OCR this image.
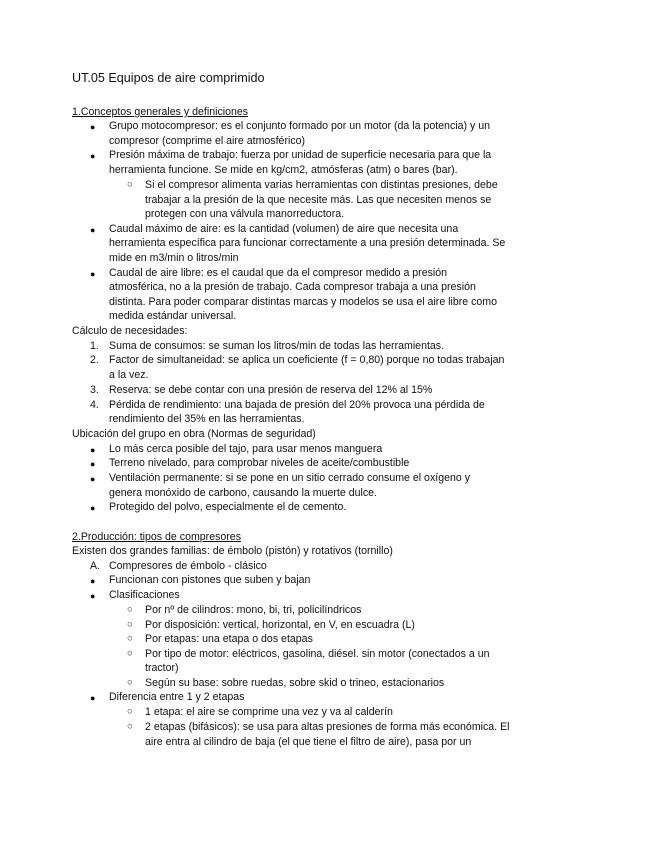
UT.05 Equipos de aire comprimido
1.Conceptos generales y definiciones
● Grupo motocompresor: es el conjunto formado por un motor (da la potencia) y un
compresor (comprime el aire atmosférico)
● Presión máxima de trabajo: fuerza por unidad de superficie necesaria para que la
herramienta funcione. Se mide en kg/cm2, atmósferas (atm) o bares (bar).
○ Si el compresor alimenta varias herramientas con distintas presiones, debe
trabajar a la presión de la que necesite más. Las que necesiten menos se
protegen con una válvula manorreductora.
● Caudal máximo de aire: es la cantidad (volumen) de aire que necesita una
herramienta específica para funcionar correctamente a una presión determinada. Se
mide en m3/min o litros/min
● Caudal de aire libre: es el caudal que da el compresor medido a presión
atmosférica, no a la presión de trabajo. Cada compresor trabaja a una presión
distinta. Para poder comparar distintas marcas y modelos se usa el aire libre como
medida estándar universal.
Cálculo de necesidades:
1. Suma de consumos: se suman los litros/min de todas las herramientas.
2. Factor de simultaneidad: se aplica un coeficiente (f = 0,80) porque no todas trabajan
a la vez.
3. Reserva: se debe contar con una presión de reserva del 12% al 15%
4. Pérdida de rendimiento: una bajada de presión del 20% provoca una pérdida de
rendimiento del 35% en las herramientas.
Ubicación del grupo en obra (Normas de seguridad)
● Lo más cerca posible del tajo, para usar menos manguera
● Terreno nivelado, para comprobar niveles de aceite/combustible
● Ventilación permanente: si se pone en un sitio cerrado consume el oxígeno y
genera monóxido de carbono, causando la muerte dulce.
● Protegido del polvo, especialmente el de cemento.
2.Producción: tipos de compresores
Existen dos grandes familias: de émbolo (pistón) y rotativos (tornillo)
A. Compresores de émbolo - clásico
● Funcionan con pistones que suben y bajan
● Clasificaciones
○ Por nº de cilindros: mono, bi, tri, policilíndricos
○ Por disposición: vertical, horizontal, en V, en escuadra (L)
○ Por etapas: una etapa o dos etapas
○ Por tipo de motor: eléctricos, gasolina, diésel. sin motor (conectados a un
tractor)
○ Según su base: sobre ruedas, sobre skid o trineo, estacionarios
● Diferencia entre 1 y 2 etapas
○ 1 etapa: el aire se comprime una vez y va al calderín
○ 2 etapas (bifásicos): se usa para altas presiones de forma más económica. El
aire entra al cilindro de baja (el que tiene el filtro de aire), pasa por un
